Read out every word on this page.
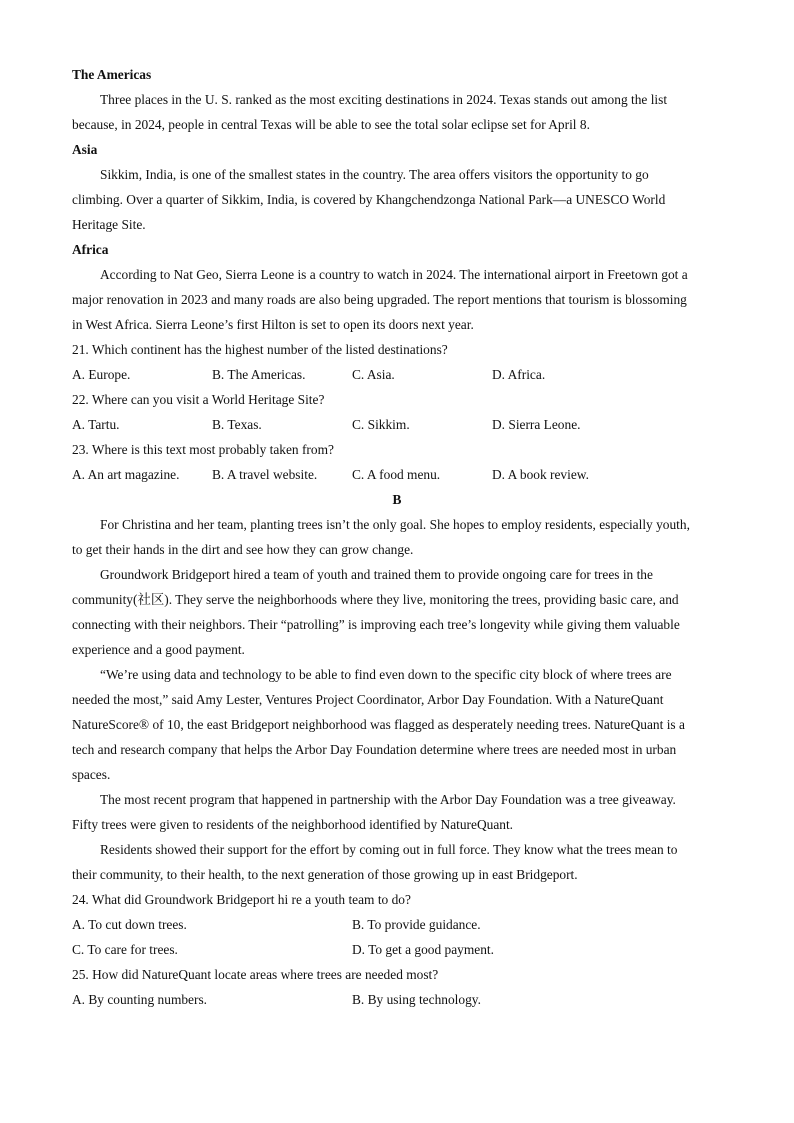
The Americas
Three places in the U. S. ranked as the most exciting destinations in 2024. Texas stands out among the list
because, in 2024, people in central Texas will be able to see the total solar eclipse set for April 8.
Asia
Sikkim, India, is one of the smallest states in the country. The area offers visitors the opportunity to go
climbing. Over a quarter of Sikkim, India, is covered by Khangchendzonga National Park—a UNESCO World
Heritage Site.
Africa
According to Nat Geo, Sierra Leone is a country to watch in 2024. The international airport in Freetown got a
major renovation in 2023 and many roads are also being upgraded. The report mentions that tourism is blossoming
in West Africa. Sierra Leone’s first Hilton is set to open its doors next year.
21. Which continent has the highest number of the listed destinations?
A. Europe.	B. The Americas.	C. Asia.	D. Africa.
22. Where can you visit a World Heritage Site?
A. Tartu.	B. Texas.	C. Sikkim.	D. Sierra Leone.
23. Where is this text most probably taken from?
A. An art magazine.	B. A travel website.	C. A food menu.	D. A book review.
B
For Christina and her team, planting trees isn’t the only goal. She hopes to employ residents, especially youth,
to get their hands in the dirt and see how they can grow change.
Groundwork Bridgeport hired a team of youth and trained them to provide ongoing care for trees in the
community(社区). They serve the neighborhoods where they live, monitoring the trees, providing basic care, and
connecting with their neighbors. Their “patrolling” is improving each tree’s longevity while giving them valuable
experience and a good payment.
“We’re using data and technology to be able to find even down to the specific city block of where trees are
needed the most,” said Amy Lester, Ventures Project Coordinator, Arbor Day Foundation. With a NatureQuant
NatureScore® of 10, the east Bridgeport neighborhood was flagged as desperately needing trees. NatureQuant is a
tech and research company that helps the Arbor Day Foundation determine where trees are needed most in urban
spaces.
The most recent program that happened in partnership with the Arbor Day Foundation was a tree giveaway.
Fifty trees were given to residents of the neighborhood identified by NatureQuant.
Residents showed their support for the effort by coming out in full force. They know what the trees mean to
their community, to their health, to the next generation of those growing up in east Bridgeport.
24. What did Groundwork Bridgeport hi re a youth team to do?
A. To cut down trees.	B. To provide guidance.
C. To care for trees.	D. To get a good payment.
25. How did NatureQuant locate areas where trees are needed most?
A. By counting numbers.	B. By using technology.
